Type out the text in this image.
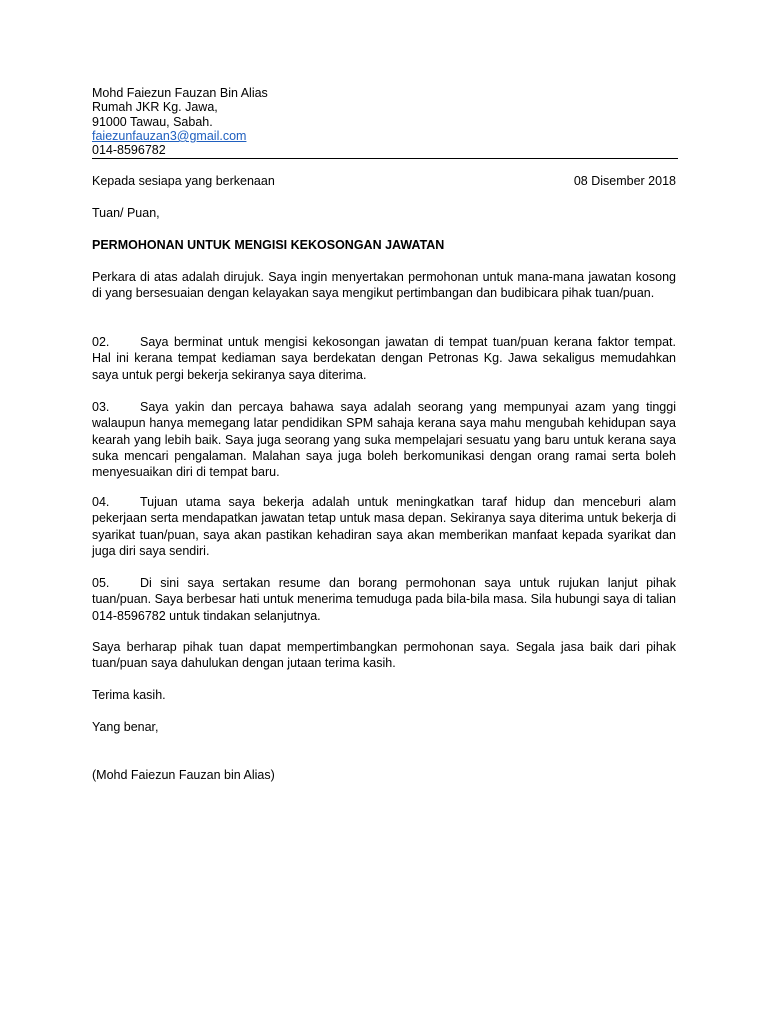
Mohd Faiezun Fauzan Bin Alias
Rumah JKR Kg. Jawa,
91000 Tawau, Sabah.
faiezunfauzan3@gmail.com
014-8596782
Kepada sesiapa yang berkenaan	08 Disember 2018
Tuan/ Puan,
PERMOHONAN UNTUK MENGISI KEKOSONGAN JAWATAN
Perkara di atas adalah dirujuk. Saya ingin menyertakan permohonan untuk mana-mana jawatan kosong di yang bersesuaian dengan kelayakan saya mengikut pertimbangan dan budibicara pihak tuan/puan.
02. Saya berminat untuk mengisi kekosongan jawatan di tempat tuan/puan kerana faktor tempat. Hal ini kerana tempat kediaman saya berdekatan dengan Petronas Kg. Jawa sekaligus memudahkan saya untuk pergi bekerja sekiranya saya diterima.
03. Saya yakin dan percaya bahawa saya adalah seorang yang mempunyai azam yang tinggi walaupun hanya memegang latar pendidikan SPM sahaja kerana saya mahu mengubah kehidupan saya kearah yang lebih baik. Saya juga seorang yang suka mempelajari sesuatu yang baru untuk kerana saya suka mencari pengalaman. Malahan saya juga boleh berkomunikasi dengan orang ramai serta boleh menyesuaikan diri di tempat baru.
04. Tujuan utama saya bekerja adalah untuk meningkatkan taraf hidup dan menceburi alam pekerjaan serta mendapatkan jawatan tetap untuk masa depan. Sekiranya saya diterima untuk bekerja di syarikat tuan/puan, saya akan pastikan kehadiran saya akan memberikan manfaat kepada syarikat dan juga diri saya sendiri.
05. Di sini saya sertakan resume dan borang permohonan saya untuk rujukan lanjut pihak tuan/puan. Saya berbesar hati untuk menerima temuduga pada bila-bila masa. Sila hubungi saya di talian 014-8596782 untuk tindakan selanjutnya.
Saya berharap pihak tuan dapat mempertimbangkan permohonan saya. Segala jasa baik dari pihak tuan/puan saya dahulukan dengan jutaan terima kasih.
Terima kasih.
Yang benar,
(Mohd Faiezun Fauzan bin Alias)
